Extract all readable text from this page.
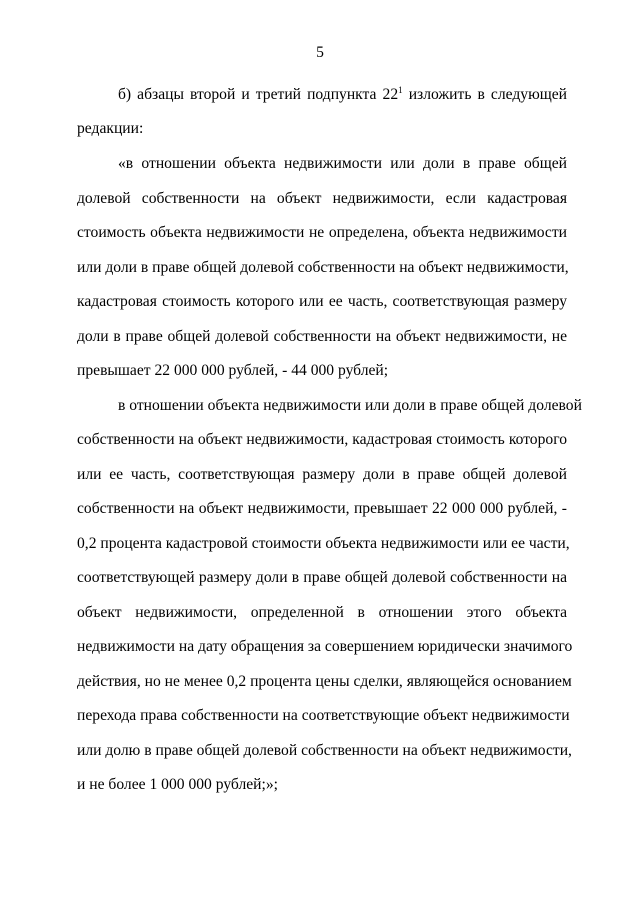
5
б) абзацы второй и третий подпункта $22^1$ изложить в следующей
редакции:
«в отношении объекта недвижимости или доли в праве общей
долевой собственности на объект недвижимости, если кадастровая
стоимость объекта недвижимости не определена, объекта недвижимости
или доли в праве общей долевой собственности на объект недвижимости,
кадастровая стоимость которого или ее часть, соответствующая размеру
доли в праве общей долевой собственности на объект недвижимости, не
превышает 22 000 000 рублей, - 44 000 рублей;
в отношении объекта недвижимости или доли в праве общей долевой
собственности на объект недвижимости, кадастровая стоимость которого
или ее часть, соответствующая размеру доли в праве общей долевой
собственности на объект недвижимости, превышает 22 000 000 рублей, -
0,2 процента кадастровой стоимости объекта недвижимости или ее части,
соответствующей размеру доли в праве общей долевой собственности на
объект недвижимости, определенной в отношении этого объекта
недвижимости на дату обращения за совершением юридически значимого
действия, но не менее 0,2 процента цены сделки, являющейся основанием
перехода права собственности на соответствующие объект недвижимости
или долю в праве общей долевой собственности на объект недвижимости,
и не более 1 000 000 рублей;»;
